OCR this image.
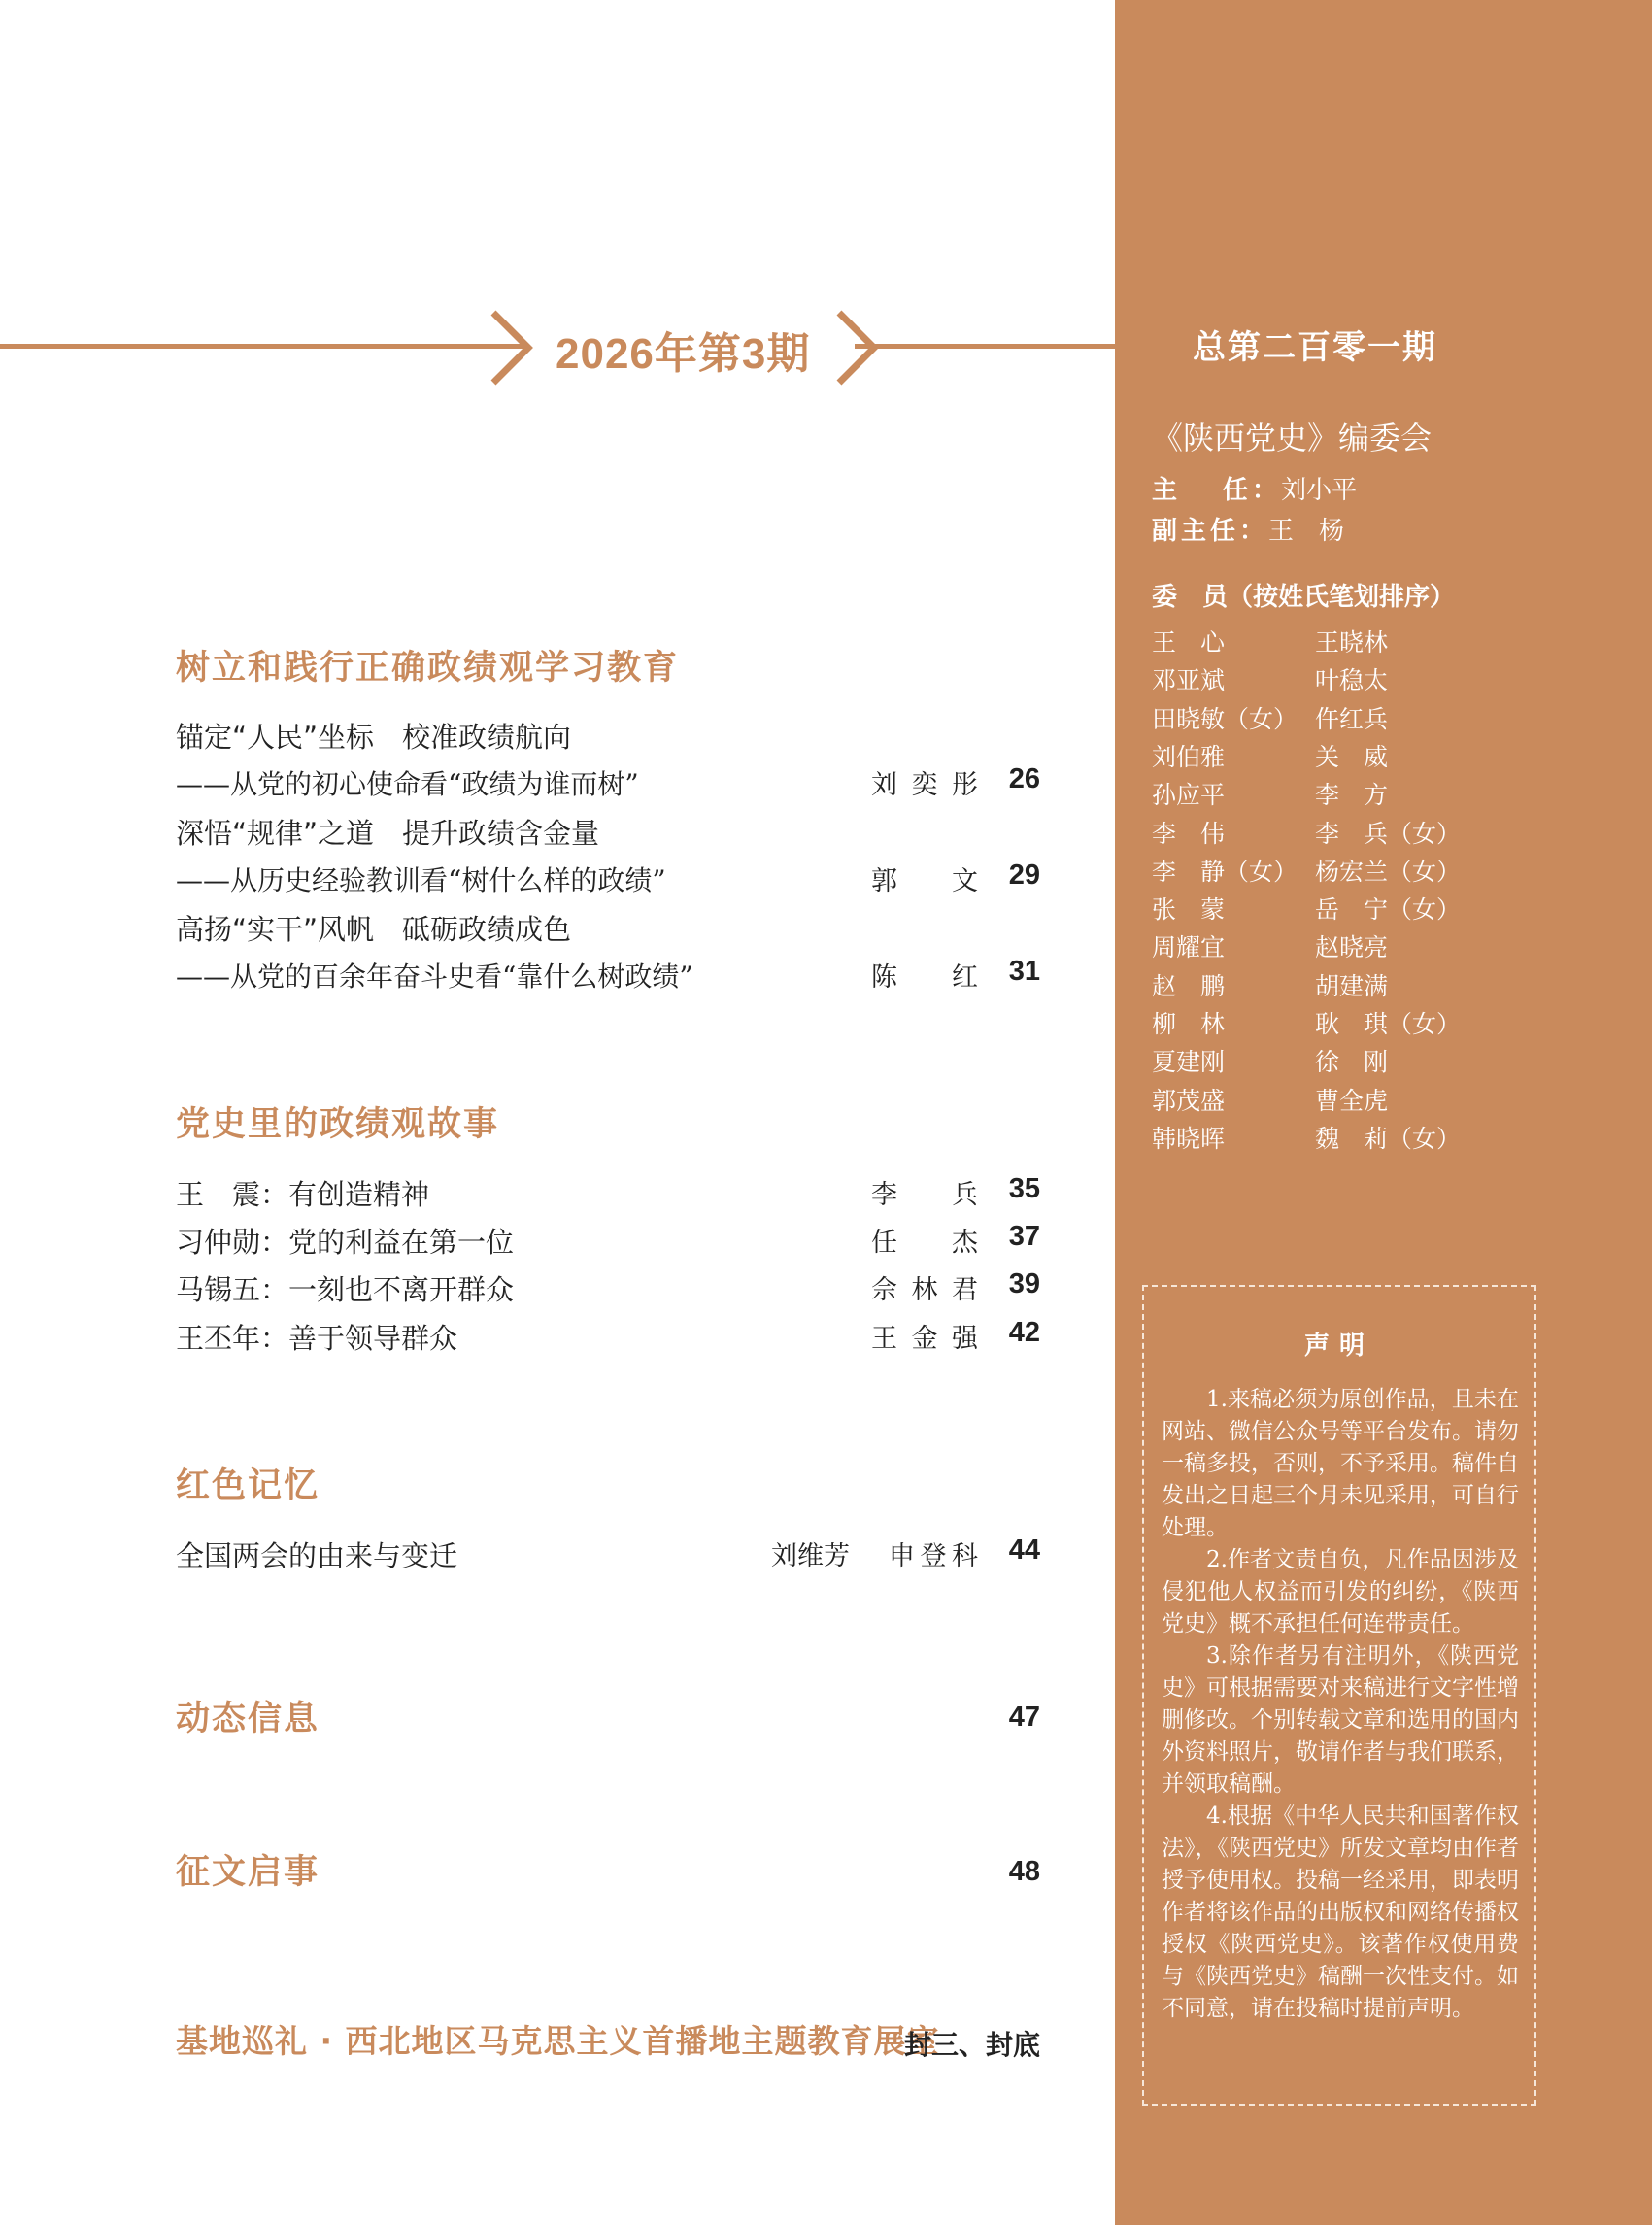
2026年第3期
树立和践行正确政绩观学习教育
锚定“人民”坐标　校准政绩航向
——从党的初心使命看“政绩为谁而树”	刘奕彤	26
深悟“规律”之道　提升政绩含金量
——从历史经验教训看“树什么样的政绩”	郭文	29
高扬“实干”风帆　砥砺政绩成色
——从党的百余年奋斗史看“靠什么树政绩”	陈红	31
党史里的政绩观故事
王　震：有创造精神	李兵	35
习仲勋：党的利益在第一位	任杰	37
马锡五：一刻也不离开群众	佘林君	39
王丕年：善于领导群众	王金强	42
红色记忆
全国两会的由来与变迁	刘维芳 申登科	44
动态信息	47
征文启事	48
基地巡礼 · 西北地区马克思主义首播地主题教育展室
封三、封底
总第二百零一期
《陕西党史》编委会
主　 任：刘小平
副主任：王　杨
委　员（按姓氏笔划排序）
王　心	王晓林
邓亚斌	叶稳太
田晓敏（女） 仵红兵
刘伯雅	关　威
孙应平	李　方
李　伟	李　兵（女）
李　静（女） 杨宏兰（女）
张　蒙	岳　宁（女）
周耀宜	赵晓亮
赵　鹏	胡建满
柳　林	耿　琪（女）
夏建刚	徐　刚
郭茂盛	曹全虎
韩晓晖	魏　莉（女）
声明

1.来稿必须为原创作品，且未在网站、微信公众号等平台发布。请勿一稿多投，否则，不予采用。稿件自发出之日起三个月未见采用，可自行处理。

2.作者文责自负，凡作品因涉及侵犯他人权益而引发的纠纷，《陕西党史》概不承担任何连带责任。

3.除作者另有注明外，《陕西党史》可根据需要对来稿进行文字性增删修改。个别转载文章和选用的国内外资料照片，敬请作者与我们联系，并领取稿酬。

4.根据《中华人民共和国著作权法》，《陕西党史》所发文章均由作者授予使用权。投稿一经采用，即表明作者将该作品的出版权和网络传播权授权《陕西党史》。该著作权使用费与《陕西党史》稿酬一次性支付。如不同意，请在投稿时提前声明。
